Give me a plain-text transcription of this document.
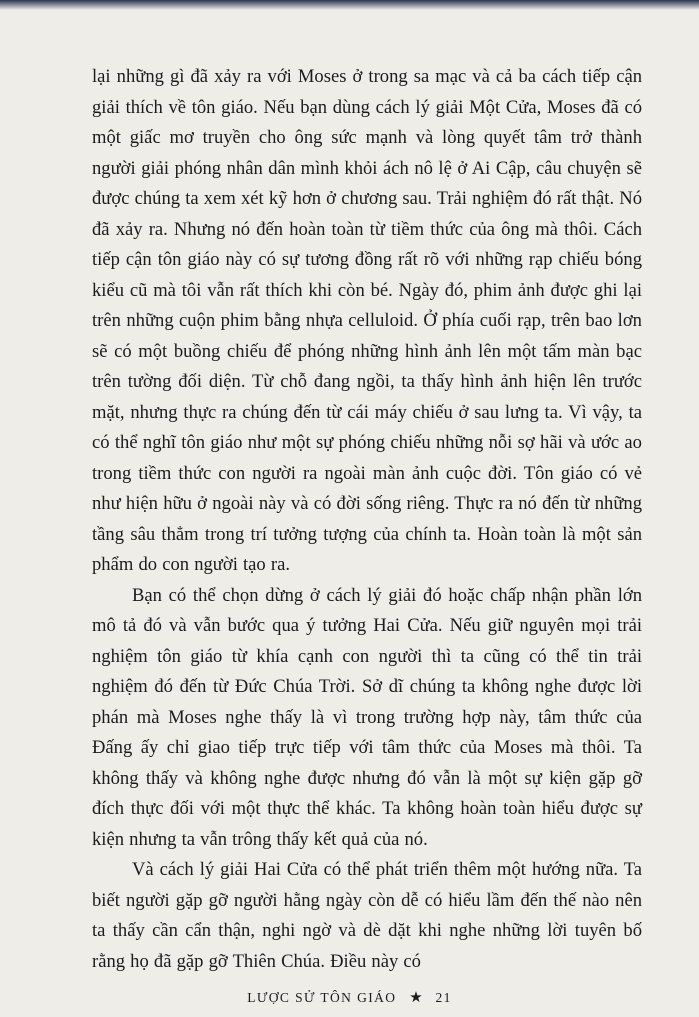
lại những gì đã xảy ra với Moses ở trong sa mạc và cả ba cách tiếp cận giải thích về tôn giáo. Nếu bạn dùng cách lý giải Một Cửa, Moses đã có một giấc mơ truyền cho ông sức mạnh và lòng quyết tâm trở thành người giải phóng nhân dân mình khỏi ách nô lệ ở Ai Cập, câu chuyện sẽ được chúng ta xem xét kỹ hơn ở chương sau. Trải nghiệm đó rất thật. Nó đã xảy ra. Nhưng nó đến hoàn toàn từ tiềm thức của ông mà thôi. Cách tiếp cận tôn giáo này có sự tương đồng rất rõ với những rạp chiếu bóng kiểu cũ mà tôi vẫn rất thích khi còn bé. Ngày đó, phim ảnh được ghi lại trên những cuộn phim bằng nhựa celluloid. Ở phía cuối rạp, trên bao lơn sẽ có một buồng chiếu để phóng những hình ảnh lên một tấm màn bạc trên tường đối diện. Từ chỗ đang ngồi, ta thấy hình ảnh hiện lên trước mặt, nhưng thực ra chúng đến từ cái máy chiếu ở sau lưng ta. Vì vậy, ta có thể nghĩ tôn giáo như một sự phóng chiếu những nỗi sợ hãi và ước ao trong tiềm thức con người ra ngoài màn ảnh cuộc đời. Tôn giáo có vẻ như hiện hữu ở ngoài này và có đời sống riêng. Thực ra nó đến từ những tầng sâu thẳm trong trí tưởng tượng của chính ta. Hoàn toàn là một sản phẩm do con người tạo ra.

Bạn có thể chọn dừng ở cách lý giải đó hoặc chấp nhận phần lớn mô tả đó và vẫn bước qua ý tưởng Hai Cửa. Nếu giữ nguyên mọi trải nghiệm tôn giáo từ khía cạnh con người thì ta cũng có thể tin trải nghiệm đó đến từ Đức Chúa Trời. Sở dĩ chúng ta không nghe được lời phán mà Moses nghe thấy là vì trong trường hợp này, tâm thức của Đấng ấy chỉ giao tiếp trực tiếp với tâm thức của Moses mà thôi. Ta không thấy và không nghe được nhưng đó vẫn là một sự kiện gặp gỡ đích thực đối với một thực thể khác. Ta không hoàn toàn hiểu được sự kiện nhưng ta vẫn trông thấy kết quả của nó.

Và cách lý giải Hai Cửa có thể phát triển thêm một hướng nữa. Ta biết người gặp gỡ người hằng ngày còn dễ có hiểu lầm đến thế nào nên ta thấy cần cẩn thận, nghi ngờ và dè dặt khi nghe những lời tuyên bố rằng họ đã gặp gỡ Thiên Chúa. Điều này có

LƯỢC SỬ TÔN GIÁO ★ 21
